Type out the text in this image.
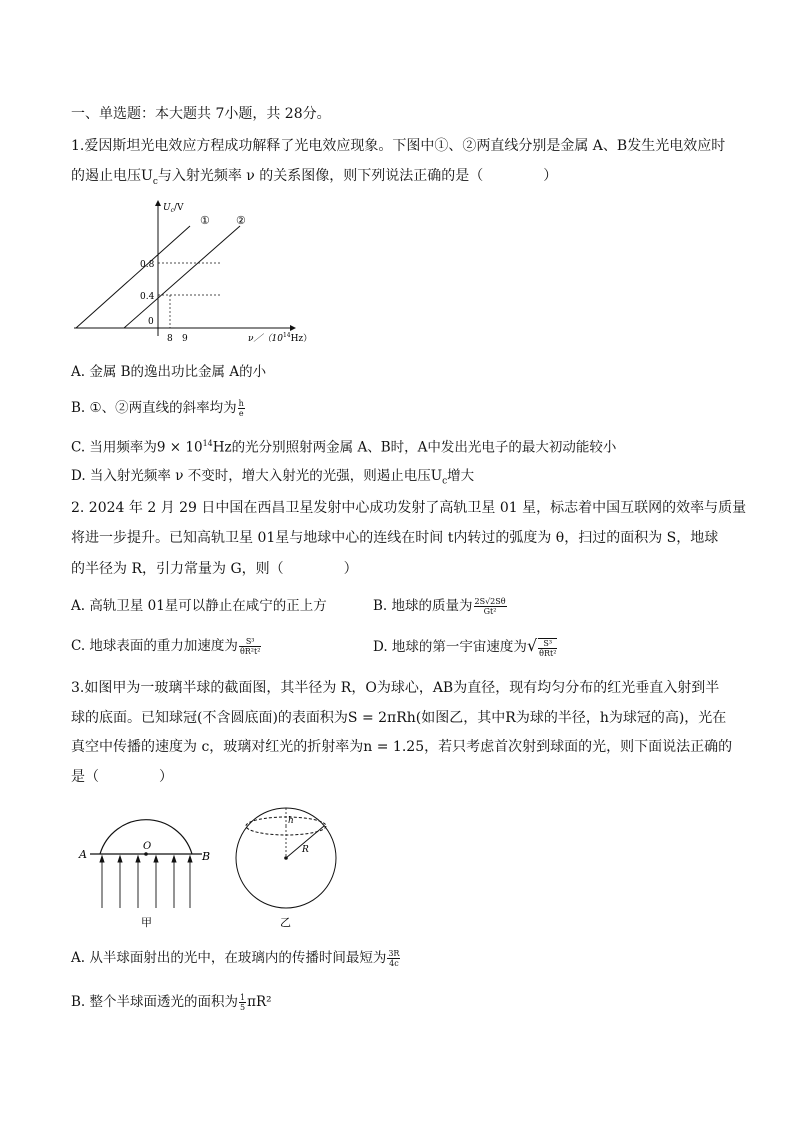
一、单选题：本大题共 7小题，共 28分。
1.爱因斯坦光电效应方程成功解释了光电效应现象。下图中①、②两直线分别是金属 A、B发生光电效应时
的遏止电压$U_c$与入射光频率 ν 的关系图像，则下列说法正确的是（	）
$U_c/V$
① ②
0.8
0.4
0
8 9	$\nu/(10^{14}Hz)$
A. 金属 B的逸出功比金属 A的小
B. ①、②两直线的斜率均为 $\frac{h}{e}$
C. 当用频率为$9 \times 10^{14}Hz$的光分别照射两金属 A、B时，A中发出光电子的最大初动能较小
D. 当入射光频率 ν 不变时，增大入射光的光强，则遏止电压$U_c$增大
2. 2024 年 2 月 29 日中国在西昌卫星发射中心成功发射了高轨卫星 01 星，标志着中国互联网的效率与质量
将进一步提升。已知高轨卫星 01星与地球中心的连线在时间 t内转过的弧度为 θ，扫过的面积为 S，地球
的半径为 R，引力常量为 G，则（	）
A. 高轨卫星 01星可以静止在咸宁的正上方	B. 地球的质量为 $\frac{2S√2S\theta}{\text{Gt²}}$
C. 地球表面的重力加速度为 $\frac{\text{S³}}{\text{θR²t²}}$	D. 地球的第一宇宙速度为√ $\frac{\text{S³}}{\text{θRt²}}$
3.如图甲为一玻璃半球的截面图，其半径为 R，O为球心，AB为直径，现有均匀分布的红光垂直入射到半
球的底面。已知球冠(不含圆底面)的表面积为S = 2πRh(如图乙，其中R为球的半径，h为球冠的高)，光在
真空中传播的速度为 c，玻璃对红光的折射率为n = 1.25，若只考虑首次射到球面的光，则下面说法正确的
是（	）
A
O
B
甲
h
R
乙
A. 从半球面射出的光中，在玻璃内的传播时间最短为 $\frac{3R}{4c}$
B. 整个半球面透光的面积为 $\frac{1}{5} \pi R^2$
